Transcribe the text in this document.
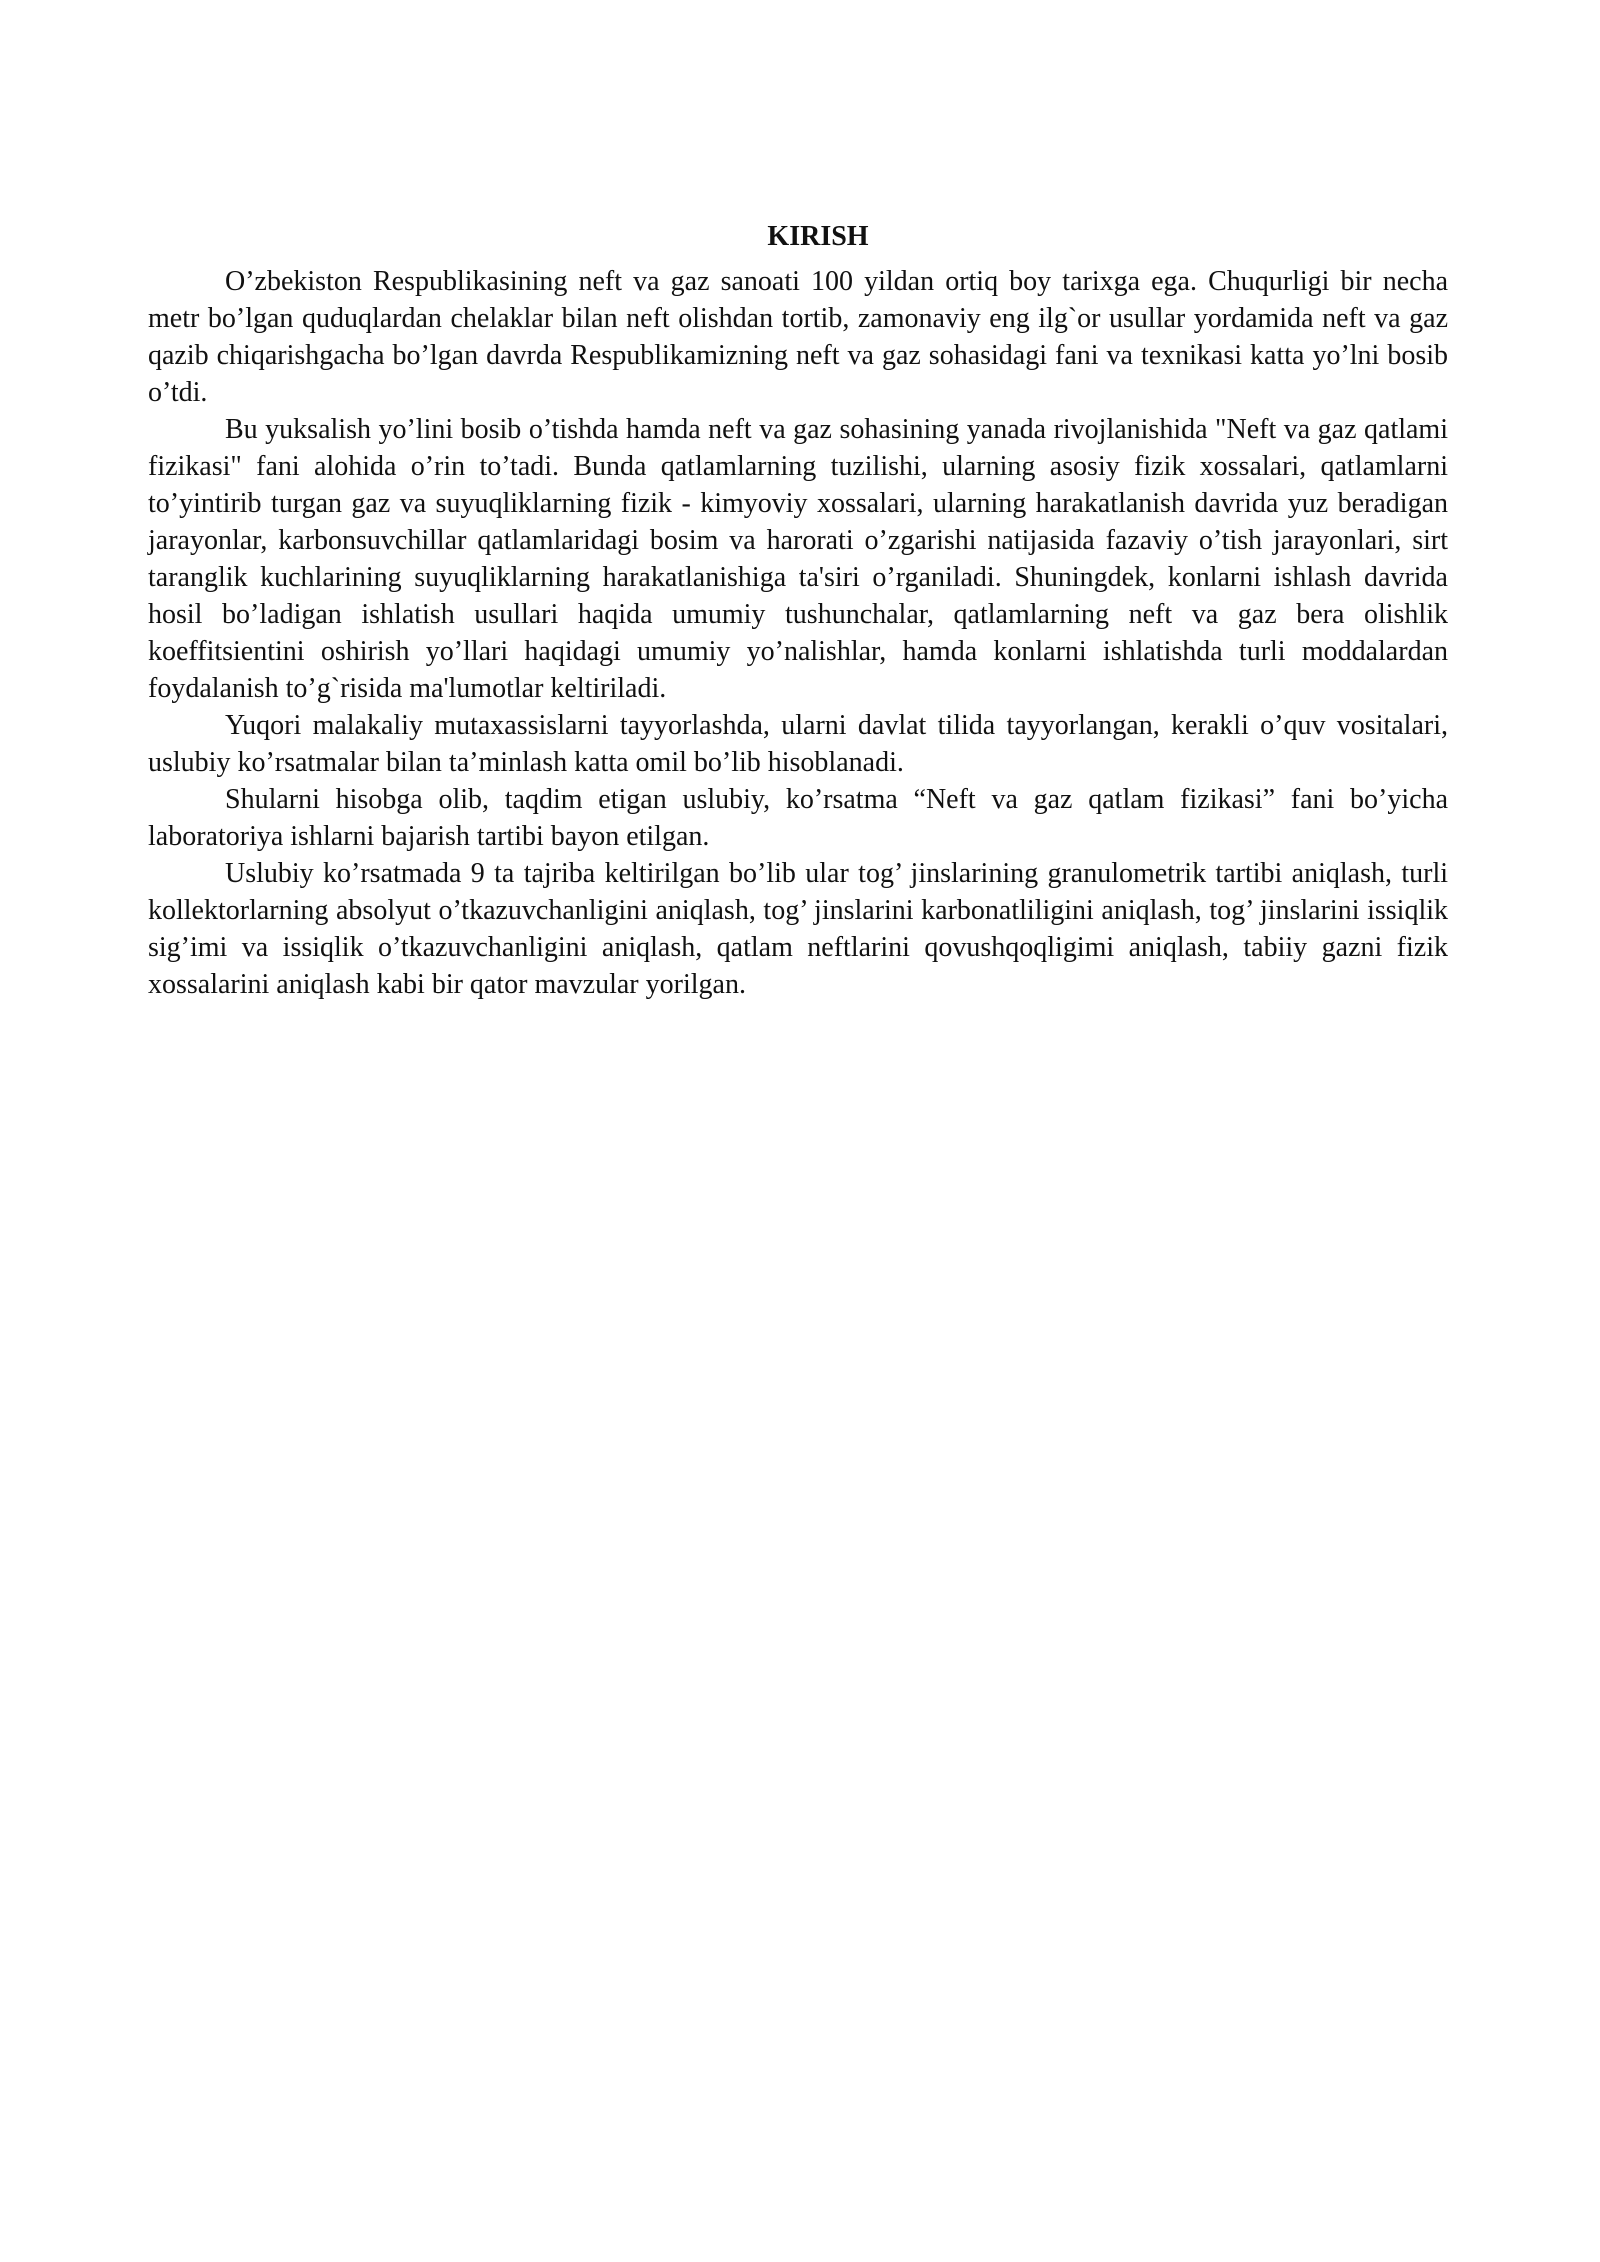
KIRISH

O’zbekiston Respublikasining neft va gaz sanoati 100 yildan ortiq boy tarixga ega. Chuqurligi bir necha metr bo’lgan quduqlardan chelaklar bilan neft olishdan tortib, zamonaviy eng ilg`or usullar yordamida neft va gaz qazib chiqarishgacha bo’lgan davrda Respublikamizning neft va gaz sohasidagi fani va texnikasi katta yo’lni bosib o’tdi.

Bu yuksalish yo’lini bosib o’tishda hamda neft va gaz sohasining yanada rivojlanishida "Neft va gaz qatlami fizikasi" fani alohida o’rin to’tadi. Bunda qatlamlarning tuzilishi, ularning asosiy fizik xossalari, qatlamlarni to’yintirib turgan gaz va suyuqliklarning fizik - kimyoviy xossalari, ularning harakatlanish davrida yuz beradigan jarayonlar, karbonsuvchillar qatlamlaridagi bosim va harorati o’zgarishi natijasida fazaviy o’tish jarayonlari, sirt taranglik kuchlarining suyuqliklarning harakatlanishiga ta'siri o’rganiladi. Shuningdek, konlarni ishlash davrida hosil bo’ladigan ishlatish usullari haqida umumiy tushunchalar, qatlamlarning neft va gaz bera olishlik koeffitsientini oshirish yo’llari haqidagi umumiy yo’nalishlar, hamda konlarni ishlatishda turli moddalardan foydalanish to’g`risida ma'lumotlar keltiriladi.

Yuqori malakaliy mutaxassislarni tayyorlashda, ularni davlat tilida tayyorlangan, kerakli o’quv vositalari, uslubiy ko’rsatmalar bilan ta’minlash katta omil bo’lib hisoblanadi.

Shularni hisobga olib, taqdim etigan uslubiy, ko’rsatma “Neft va gaz qatlam fizikasi” fani bo’yicha laboratoriya ishlarni bajarish tartibi bayon etilgan.

Uslubiy ko’rsatmada 9 ta tajriba keltirilgan bo’lib ular tog’ jinslarining granulometrik tartibi aniqlash, turli kollektorlarning absolyut o’tkazuvchanligini aniqlash, tog’ jinslarini karbonatliligini aniqlash, tog’ jinslarini issiqlik sig’imi va issiqlik o’tkazuvchanligini aniqlash, qatlam neftlarini qovushqoqligimi aniqlash, tabiiy gazni fizik xossalarini aniqlash kabi bir qator mavzular yorilgan.
